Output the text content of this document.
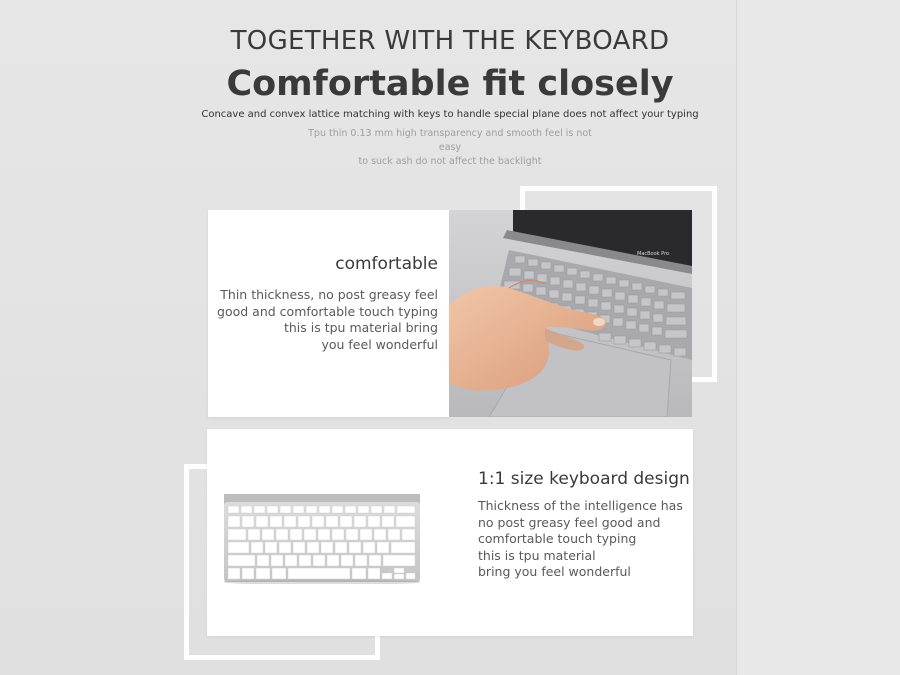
TOGETHER WITH THE KEYBOARD
Comfortable fit closely
Concave and convex lattice matching with keys to handle special plane does not affect your typing
Tpu thin 0.13 mm high transparency and smooth feel is not easy
to suck ash do not affect the backlight
comfortable
Thin thickness, no post greasy feel
good and comfortable touch typing
this is tpu material bring
you feel wonderful
MacBook Pro
1:1 size keyboard design
Thickness of the intelligence has
no post greasy feel good and
comfortable touch typing
this is tpu material
bring you feel wonderful
